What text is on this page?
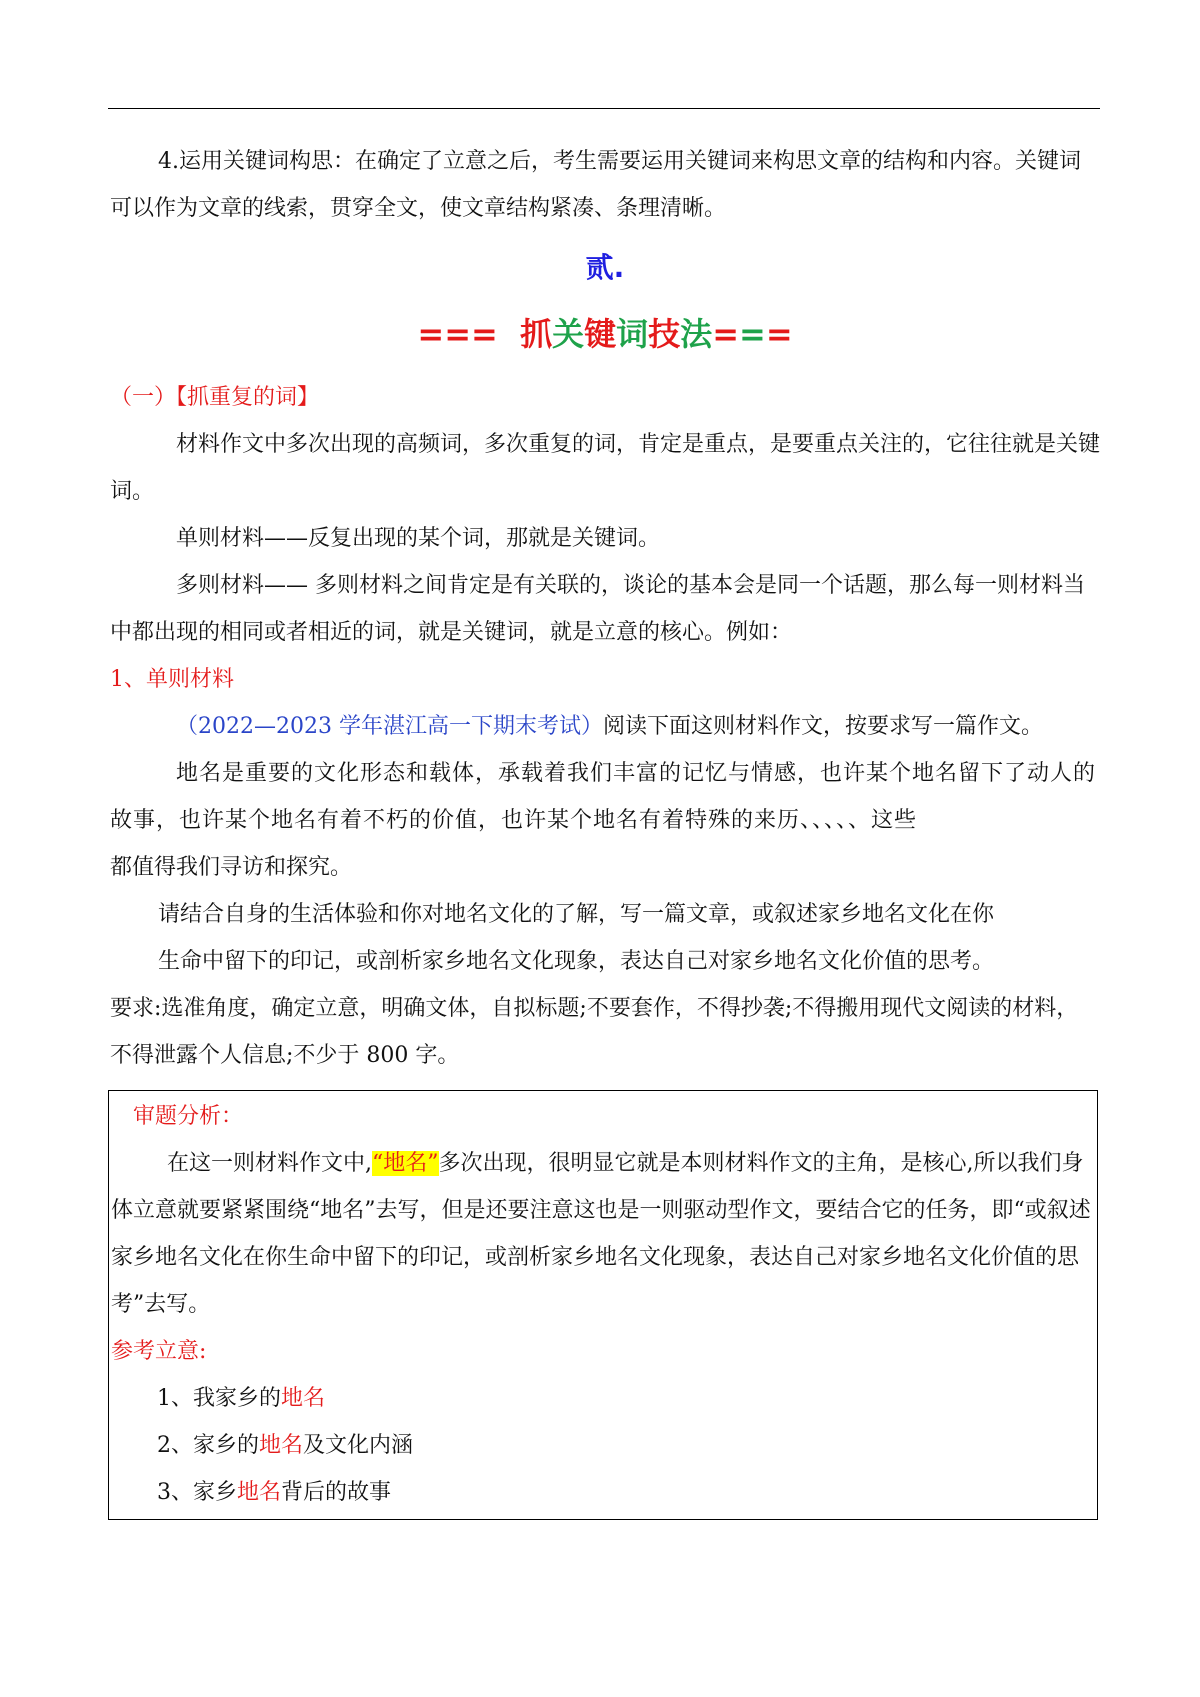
4.运用关键词构思：在确定了立意之后，考生需要运用关键词来构思文章的结构和内容。关键词可以作为文章的线索，贯穿全文，使文章结构紧凑、条理清晰。

贰.
=== 抓关键词技法===

（一）【抓重复的词】

材料作文中多次出现的高频词，多次重复的词，肯定是重点，是要重点关注的，它往往就是关键词。

单则材料——反复出现的某个词，那就是关键词。

多则材料—— 多则材料之间肯定是有关联的，谈论的基本会是同一个话题，那么每一则材料当中都出现的相同或者相近的词，就是关键词，就是立意的核心。例如：

1、单则材料

（2022—2023 学年湛江高一下期末考试）阅读下面这则材料作文，按要求写一篇作文。

地名是重要的文化形态和载体，承载着我们丰富的记忆与情感，也许某个地名留下了动人的故事，也许某个地名有着不朽的价值，也许某个地名有着特殊的来历、、、、、这些

都值得我们寻访和探究。

请结合自身的生活体验和你对地名文化的了解，写一篇文章，或叙述家乡地名文化在你

生命中留下的印记，或剖析家乡地名文化现象，表达自己对家乡地名文化价值的思考。

要求:选准角度，确定立意，明确文体，自拟标题;不要套作，不得抄袭;不得搬用现代文阅读的材料，不得泄露个人信息;不少于 800 字。

审题分析：

在这一则材料作文中,“地名”多次出现，很明显它就是本则材料作文的主角，是核心,所以我们身体立意就要紧紧围绕“地名”去写，但是还要注意这也是一则驱动型作文，要结合它的任务，即“或叙述家乡地名文化在你生命中留下的印记，或剖析家乡地名文化现象，表达自己对家乡地名文化价值的思考”去写。

参考立意:

1、我家乡的地名

2、家乡的地名及文化内涵

3、家乡地名背后的故事
